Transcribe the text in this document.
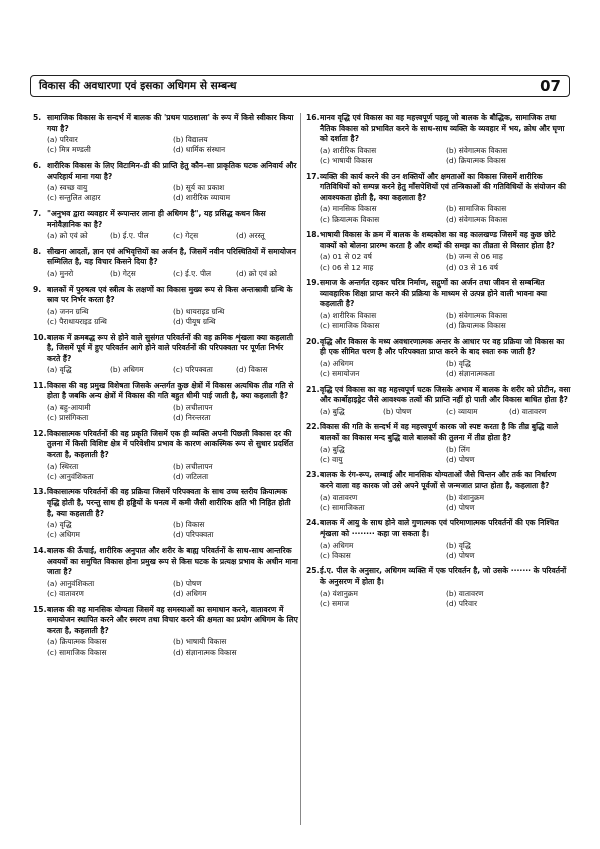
विकास की अवधारणा एवं इसका अधिगम से सम्बन्ध	07
5. सामाजिक विकास के सन्दर्भ में बालक की 'प्रथम पाठशाला' के रूप में किसे स्वीकार किया गया है?
(a) परिवार	(b) विद्यालय
(c) मित्र मण्डली	(d) धार्मिक संस्थान
6. शारीरिक विकास के लिए विटामिन–डी की प्राप्ति हेतु कौन–सा प्राकृतिक घटक अनिवार्य और अपरिहार्य माना गया है?
(a) स्वच्छ वायु	(b) सूर्य का प्रकाश
(c) सन्तुलित आहार	(d) शारीरिक व्यायाम
7. "अनुभव द्वारा व्यवहार में रूपान्तर लाना ही अधिगम है", यह प्रसिद्ध कथन किस मनोवैज्ञानिक का है?
(a) क्रो एवं क्रो	(b) ई.ए. पील	(c) गेट्स	(d) अरस्तू
8. सीखना आदतों, ज्ञान एवं अभिवृत्तियों का अर्जन है, जिसमें नवीन परिस्थितियों में समायोजन सम्मिलित है, यह विचार किसने दिया है?
(a) मुनरो	(b) गेट्स	(c) ई.ए. पील	(d) क्रो एवं क्रो
9. बालकों में पुरुषत्व एवं स्त्रीत्व के लक्षणों का विकास मुख्य रूप से किस अन्तःस्रावी ग्रन्थि के स्राव पर निर्भर करता है?
(a) जनन ग्रन्थि	(b) थायराइड ग्रन्थि
(c) पैराथायराइड ग्रन्थि	(d) पीयूष ग्रन्थि
10. बालक में क्रमबद्ध रूप से होने वाले सुसंगत परिवर्तनों की वह क्रमिक शृंखला क्या कहलाती है, जिसमें पूर्व में हुए परिवर्तन आगे होने वाले परिवर्तनों की परिपक्वता पर पूर्णतः निर्भर करते हैं?
(a) वृद्धि	(b) अधिगम	(c) परिपक्वता	(d) विकास
11. विकास की वह प्रमुख विशेषता जिसके अन्तर्गत कुछ क्षेत्रों में विकास अत्यधिक तीव्र गति से होता है जबकि अन्य क्षेत्रों में विकास की गति बहुत धीमी पाई जाती है, क्या कहलाती है?
(a) बहु-आयामी	(b) लचीलापन
(c) प्रासंगिकता	(d) निरन्तरता
12. विकासात्मक परिवर्तनों की वह प्रकृति जिसमें एक ही व्यक्ति अपनी पिछली विकास दर की तुलना में किसी विशिष्ट क्षेत्र में परिवेशीय प्रभाव के कारण आकस्मिक रूप से सुधार प्रदर्शित करता है, कहलाती है?
(a) स्थिरता	(b) लचीलापन
(c) आनुवंशिकता	(d) जटिलता
13. विकासात्मक परिवर्तनों की वह प्रक्रिया जिसमें परिपक्वता के साथ उच्च स्तरीय क्रियात्मक वृद्धि होती है, परन्तु साथ ही हड्डियों के घनत्व में कमी जैसी शारीरिक क्षति भी निहित होती है, क्या कहलाती है?
(a) वृद्धि	(b) विकास
(c) अधिगम	(d) परिपक्वता
14. बालक की ऊँचाई, शारीरिक अनुपात और शरीर के बाह्य परिवर्तनों के साथ-साथ आन्तरिक अवयवों का समुचित विकास होना प्रमुख रूप से किस घटक के प्रत्यक्ष प्रभाव के अधीन माना जाता है?
(a) आनुवंशिकता	(b) पोषण
(c) वातावरण	(d) अधिगम
15. बालक की वह मानसिक योग्यता जिसमें वह समस्याओं का समाधान करने, वातावरण में समायोजन स्थापित करने और स्मरण तथा विचार करने की क्षमता का प्रयोग अधिगम के लिए करता है, कहलाती है?
(a) क्रियात्मक विकास	(b) भाषायी विकास
(c) सामाजिक विकास	(d) संज्ञानात्मक विकास
16. मानव वृद्धि एवं विकास का वह महत्त्वपूर्ण पहलू जो बालक के बौद्धिक, सामाजिक तथा नैतिक विकास को प्रभावित करने के साथ-साथ व्यक्ति के व्यवहार में भय, क्रोध और घृणा को दर्शाता है?
(a) शारीरिक विकास	(b) संवेगात्मक विकास
(c) भाषायी विकास	(d) क्रियात्मक विकास
17. व्यक्ति की कार्य करने की उन शक्तियों और क्षमताओं का विकास जिसमें शारीरिक गतिविधियों को सम्पन्न करने हेतु माँसपेशियों एवं तन्त्रिकाओं की गतिविधियों के संयोजन की आवश्यकता होती है, क्या कहलाता है?
(a) मानसिक विकास	(b) सामाजिक विकास
(c) क्रियात्मक विकास	(d) संवेगात्मक विकास
18. भाषायी विकास के क्रम में बालक के शब्दकोश का वह कालखण्ड जिसमें वह कुछ छोटे वाक्यों को बोलना प्रारम्भ करता है और शब्दों की समझ का तीव्रता से विस्तार होता है?
(a) 01 से 02 वर्ष	(b) जन्म से 06 माह
(c) 06 से 12 माह	(d) 03 से 16 वर्ष
19. समाज के अन्तर्गत रहकर चरित्र निर्माण, सद्गुणों का अर्जन तथा जीवन से सम्बन्धित व्यावहारिक शिक्षा प्राप्त करने की प्रक्रिया के माध्यम से उत्पन्न होने वाली भावना क्या कहलाती है?
(a) शारीरिक विकास	(b) संवेगात्मक विकास
(c) सामाजिक विकास	(d) क्रियात्मक विकास
20. वृद्धि और विकास के मध्य अवधारणात्मक अन्तर के आधार पर वह प्रक्रिया जो विकास का ही एक सीमित चरण है और परिपक्वता प्राप्त करने के बाद स्वतः रुक जाती है?
(a) अधिगम	(b) वृद्धि
(c) समायोजन	(d) संज्ञानात्मकता
21. वृद्धि एवं विकास का वह महत्त्वपूर्ण घटक जिसके अभाव में बालक के शरीर को प्रोटीन, वसा और कार्बोहाइड्रेट जैसे आवश्यक तत्वों की प्राप्ति नहीं हो पाती और विकास बाधित होता है?
(a) बुद्धि	(b) पोषण	(c) व्यायाम	(d) वातावरण
22. विकास की गति के सन्दर्भ में वह महत्त्वपूर्ण कारक जो स्पष्ट करता है कि तीव्र बुद्धि वाले बालकों का विकास मन्द बुद्धि वाले बालकों की तुलना में तीव्र होता है?
(a) बुद्धि	(b) लिंग
(c) वायु	(d) पोषण
23. बालक के रंग-रूप, लम्बाई और मानसिक योग्यताओं जैसे चिन्तन और तर्क का निर्धारण करने वाला वह कारक जो उसे अपने पूर्वजों से जन्मजात प्राप्त होता है, कहलाता है?
(a) वातावरण	(b) वंशानुक्रम
(c) सामाजिकता	(d) पोषण
24. बालक में आयु के साथ होने वाले गुणात्मक एवं परिमाणात्मक परिवर्तनों की एक निश्चित शृंखला को ········ कहा जा सकता है।
(a) अधिगम	(b) वृद्धि
(c) विकास	(d) पोषण
25. ई.ए. पील के अनुसार, अधिगम व्यक्ति में एक परिवर्तन है, जो उसके ······· के परिवर्तनों के अनुसरण में होता है।
(a) वंशानुक्रम	(b) वातावरण
(c) समाज	(d) परिवार
